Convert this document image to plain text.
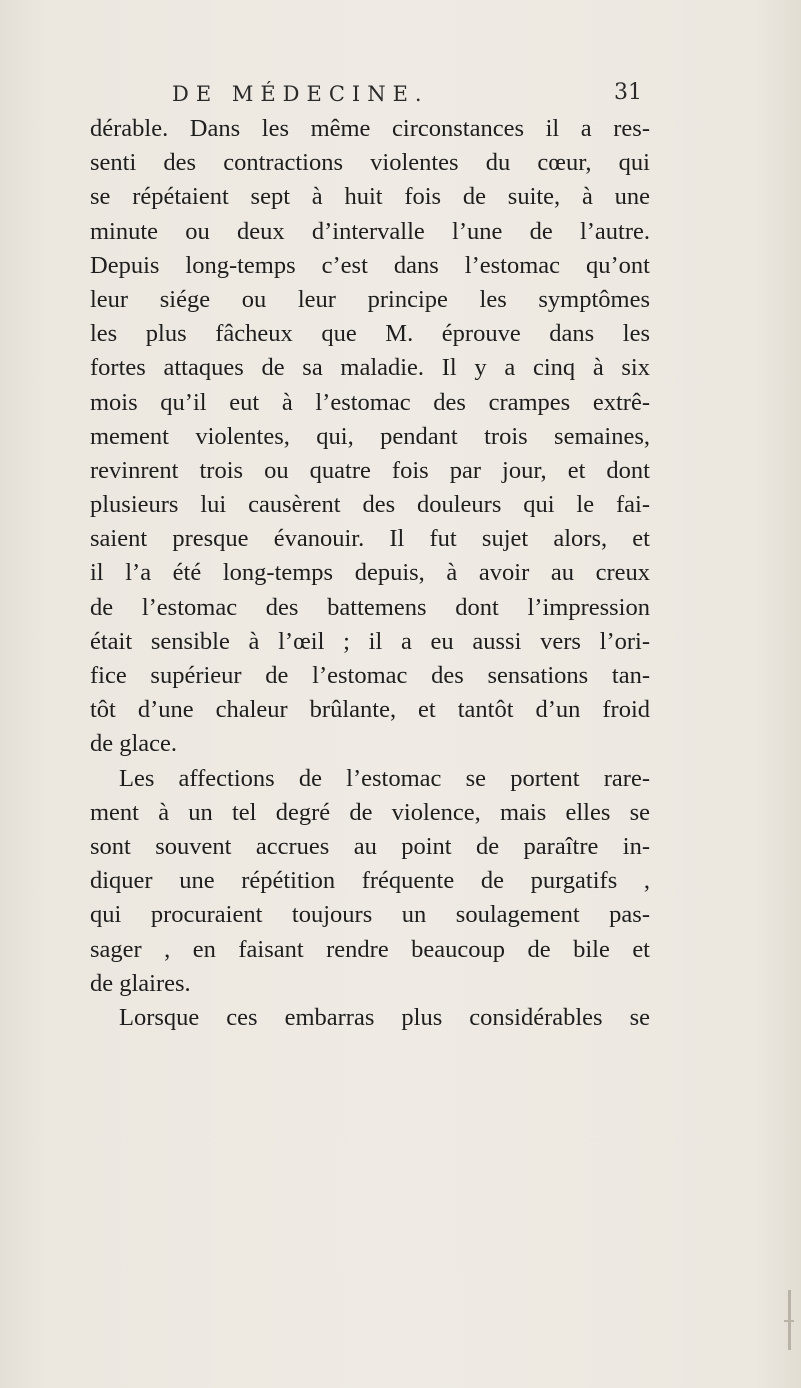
DE MÉDECINE.	31
dérable. Dans les même circonstances il a res-
senti des contractions violentes du cœur, qui
se répétaient sept à huit fois de suite, à une
minute ou deux d’intervalle l’une de l’autre.
Depuis long-temps c’est dans l’estomac qu’ont
leur siége ou leur principe les symptômes
les plus fâcheux que M. éprouve dans les
fortes attaques de sa maladie. Il y a cinq à six
mois qu’il eut à l’estomac des crampes extrê-
mement violentes, qui, pendant trois semaines,
revinrent trois ou quatre fois par jour, et dont
plusieurs lui causèrent des douleurs qui le fai-
saient presque évanouir. Il fut sujet alors, et
il l’a été long-temps depuis, à avoir au creux
de l’estomac des battemens dont l’impression
était sensible à l’œil ; il a eu aussi vers l’ori-
fice supérieur de l’estomac des sensations tan-
tôt d’une chaleur brûlante, et tantôt d’un froid
de glace.
Les affections de l’estomac se portent rare-
ment à un tel degré de violence, mais elles se
sont souvent accrues au point de paraître in-
diquer une répétition fréquente de purgatifs ,
qui procuraient toujours un soulagement pas-
sager , en faisant rendre beaucoup de bile et
de glaires.
Lorsque ces embarras plus considérables se
